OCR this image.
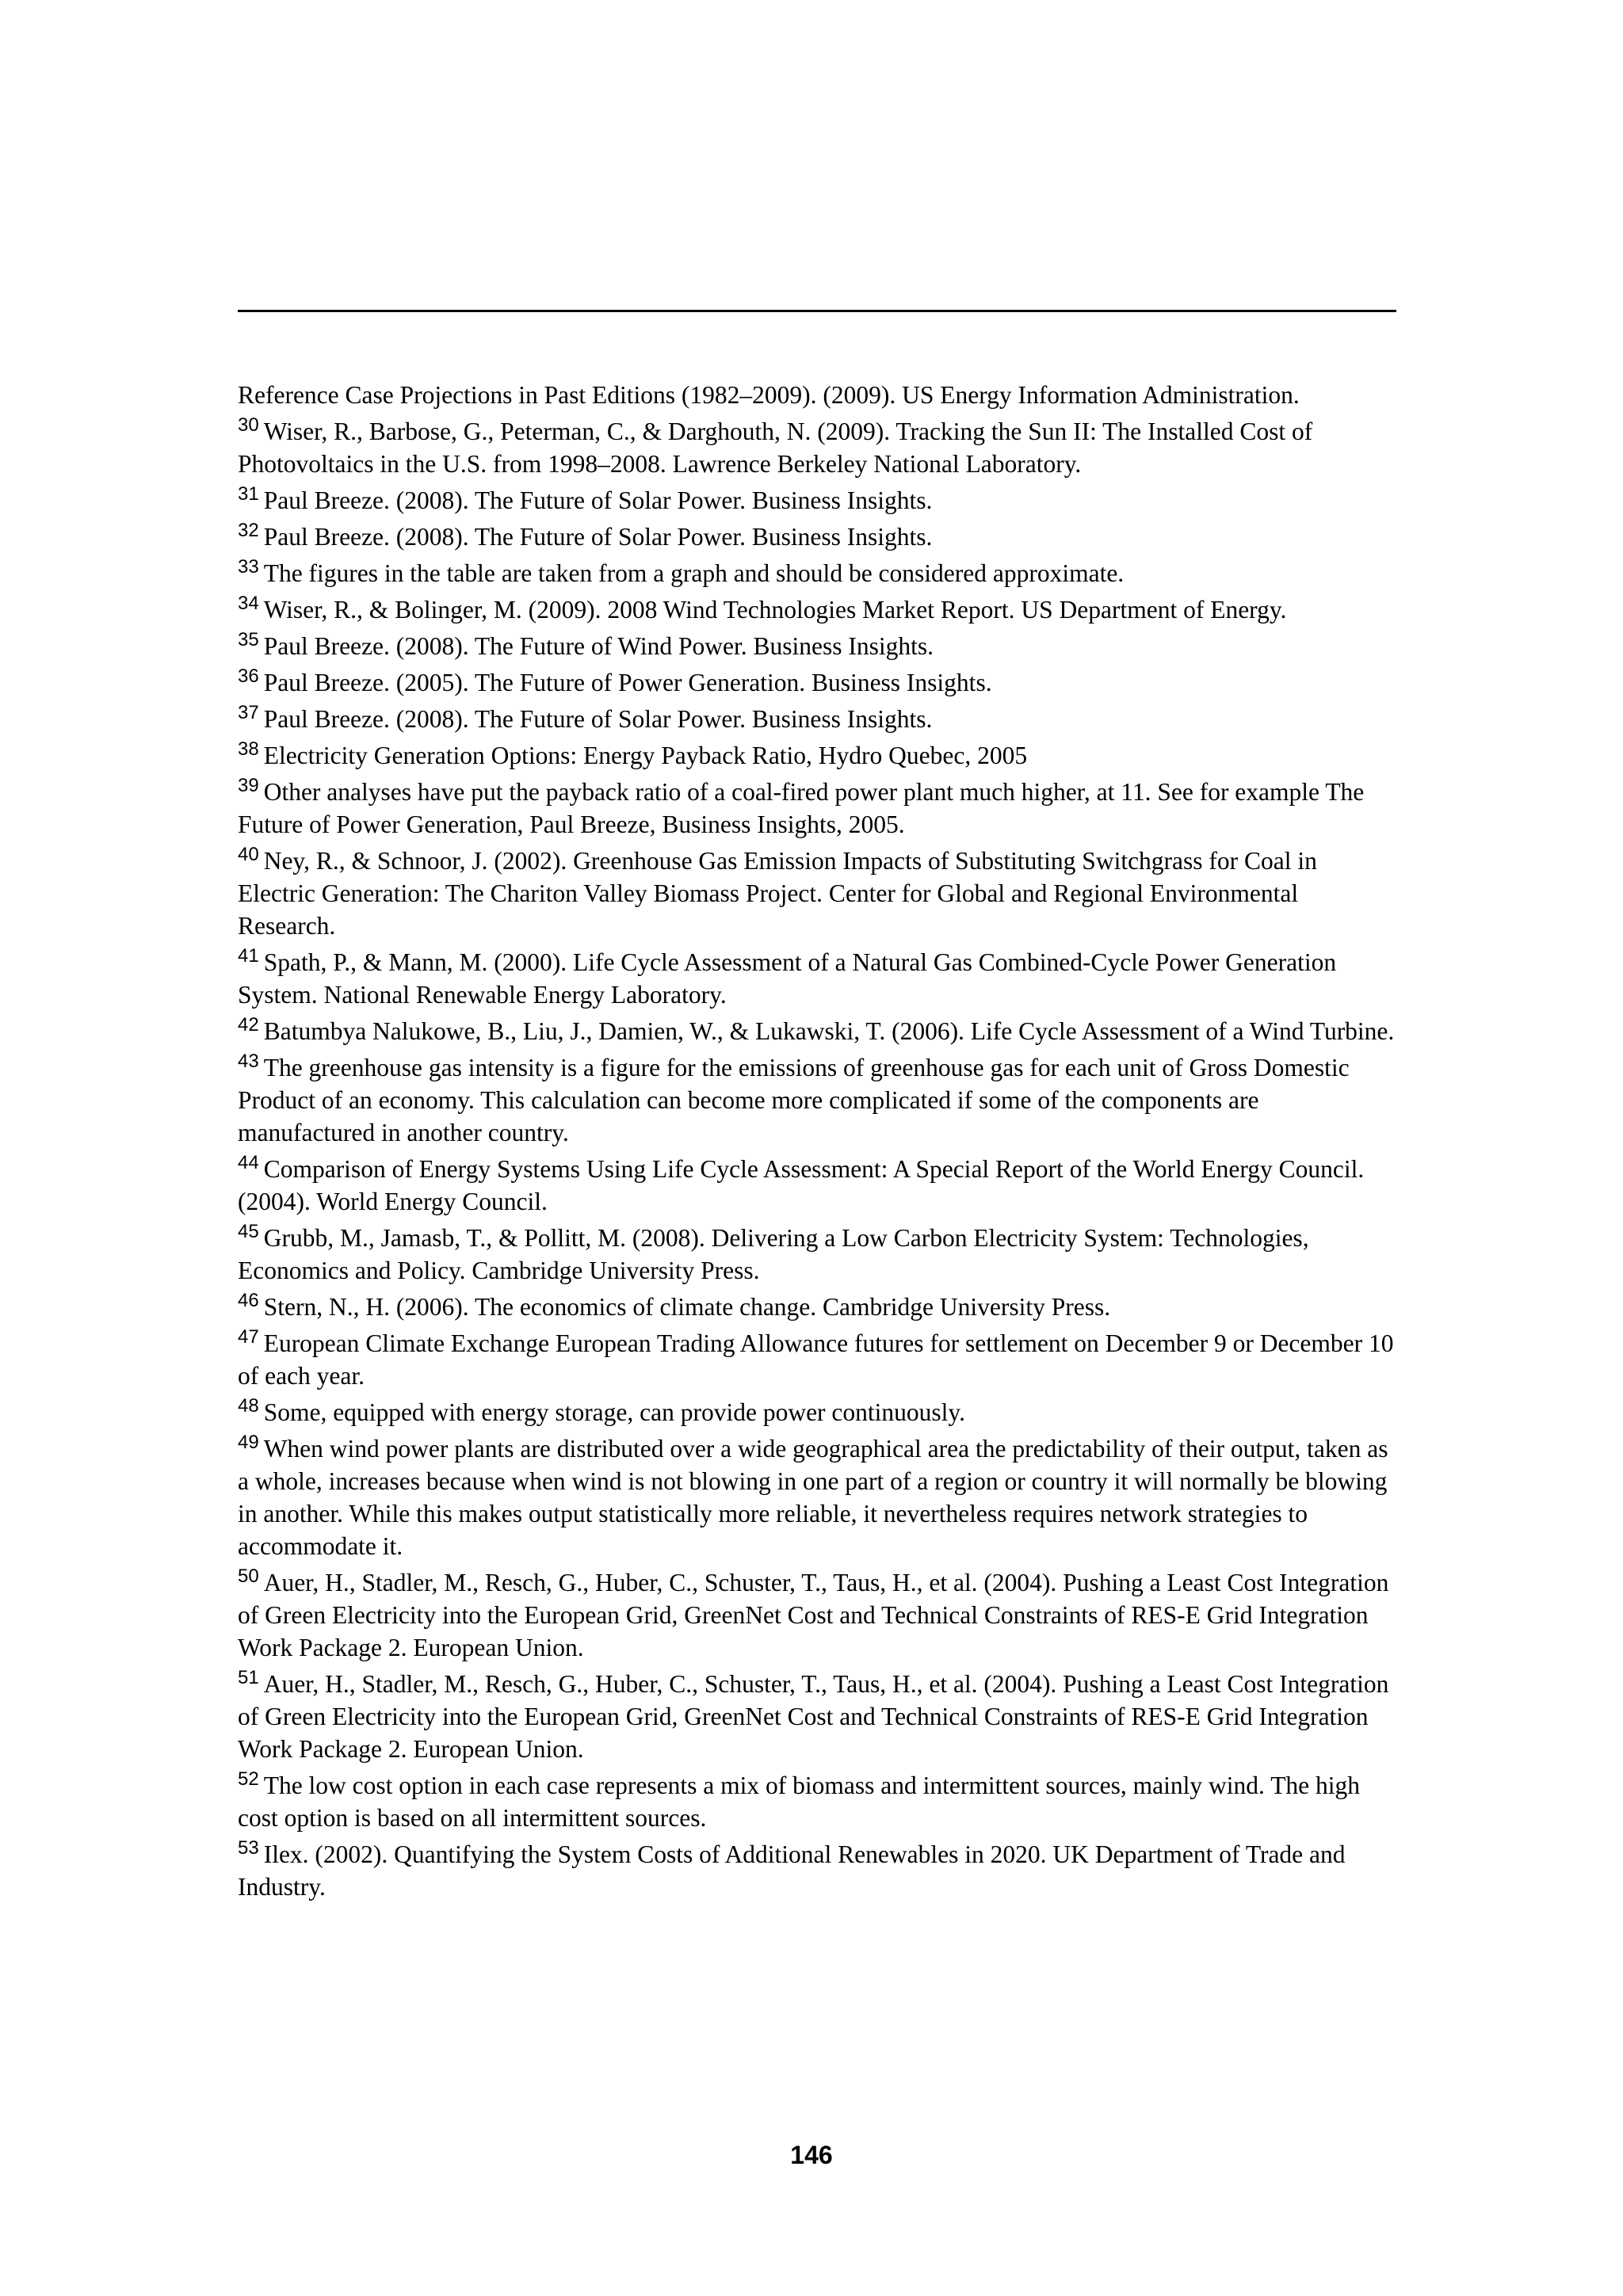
Reference Case Projections in Past Editions (1982–2009). (2009). US Energy Information Administration.
$^{30}$ Wiser, R., Barbose, G., Peterman, C., & Darghouth, N. (2009). Tracking the Sun II: The Installed Cost of Photovoltaics in the U.S. from 1998–2008. Lawrence Berkeley National Laboratory.
$^{31}$ Paul Breeze. (2008). The Future of Solar Power. Business Insights.
$^{32}$ Paul Breeze. (2008). The Future of Solar Power. Business Insights.
$^{33}$ The figures in the table are taken from a graph and should be considered approximate.
$^{34}$ Wiser, R., & Bolinger, M. (2009). 2008 Wind Technologies Market Report. US Department of Energy.
$^{35}$ Paul Breeze. (2008). The Future of Wind Power. Business Insights.
$^{36}$ Paul Breeze. (2005). The Future of Power Generation. Business Insights.
$^{37}$ Paul Breeze. (2008). The Future of Solar Power. Business Insights.
$^{38}$ Electricity Generation Options: Energy Payback Ratio, Hydro Quebec, 2005
$^{39}$ Other analyses have put the payback ratio of a coal-fired power plant much higher, at 11. See for example The Future of Power Generation, Paul Breeze, Business Insights, 2005.
$^{40}$ Ney, R., & Schnoor, J. (2002). Greenhouse Gas Emission Impacts of Substituting Switchgrass for Coal in Electric Generation: The Chariton Valley Biomass Project. Center for Global and Regional Environmental Research.
$^{41}$ Spath, P., & Mann, M. (2000). Life Cycle Assessment of a Natural Gas Combined-Cycle Power Generation System. National Renewable Energy Laboratory.
$^{42}$ Batumbya Nalukowe, B., Liu, J., Damien, W., & Lukawski, T. (2006). Life Cycle Assessment of a Wind Turbine.
$^{43}$ The greenhouse gas intensity is a figure for the emissions of greenhouse gas for each unit of Gross Domestic Product of an economy. This calculation can become more complicated if some of the components are manufactured in another country.
$^{44}$ Comparison of Energy Systems Using Life Cycle Assessment: A Special Report of the World Energy Council. (2004). World Energy Council.
$^{45}$ Grubb, M., Jamasb, T., & Pollitt, M. (2008). Delivering a Low Carbon Electricity System: Technologies, Economics and Policy. Cambridge University Press.
$^{46}$ Stern, N., H. (2006). The economics of climate change. Cambridge University Press.
$^{47}$ European Climate Exchange European Trading Allowance futures for settlement on December 9 or December 10 of each year.
$^{48}$ Some, equipped with energy storage, can provide power continuously.
$^{49}$ When wind power plants are distributed over a wide geographical area the predictability of their output, taken as a whole, increases because when wind is not blowing in one part of a region or country it will normally be blowing in another. While this makes output statistically more reliable, it nevertheless requires network strategies to accommodate it.
$^{50}$ Auer, H., Stadler, M., Resch, G., Huber, C., Schuster, T., Taus, H., et al. (2004). Pushing a Least Cost Integration of Green Electricity into the European Grid, GreenNet Cost and Technical Constraints of RES-E Grid Integration Work Package 2. European Union.
$^{51}$ Auer, H., Stadler, M., Resch, G., Huber, C., Schuster, T., Taus, H., et al. (2004). Pushing a Least Cost Integration of Green Electricity into the European Grid, GreenNet Cost and Technical Constraints of RES-E Grid Integration Work Package 2. European Union.
$^{52}$ The low cost option in each case represents a mix of biomass and intermittent sources, mainly wind. The high cost option is based on all intermittent sources.
$^{53}$ Ilex. (2002). Quantifying the System Costs of Additional Renewables in 2020. UK Department of Trade and Industry.
146
